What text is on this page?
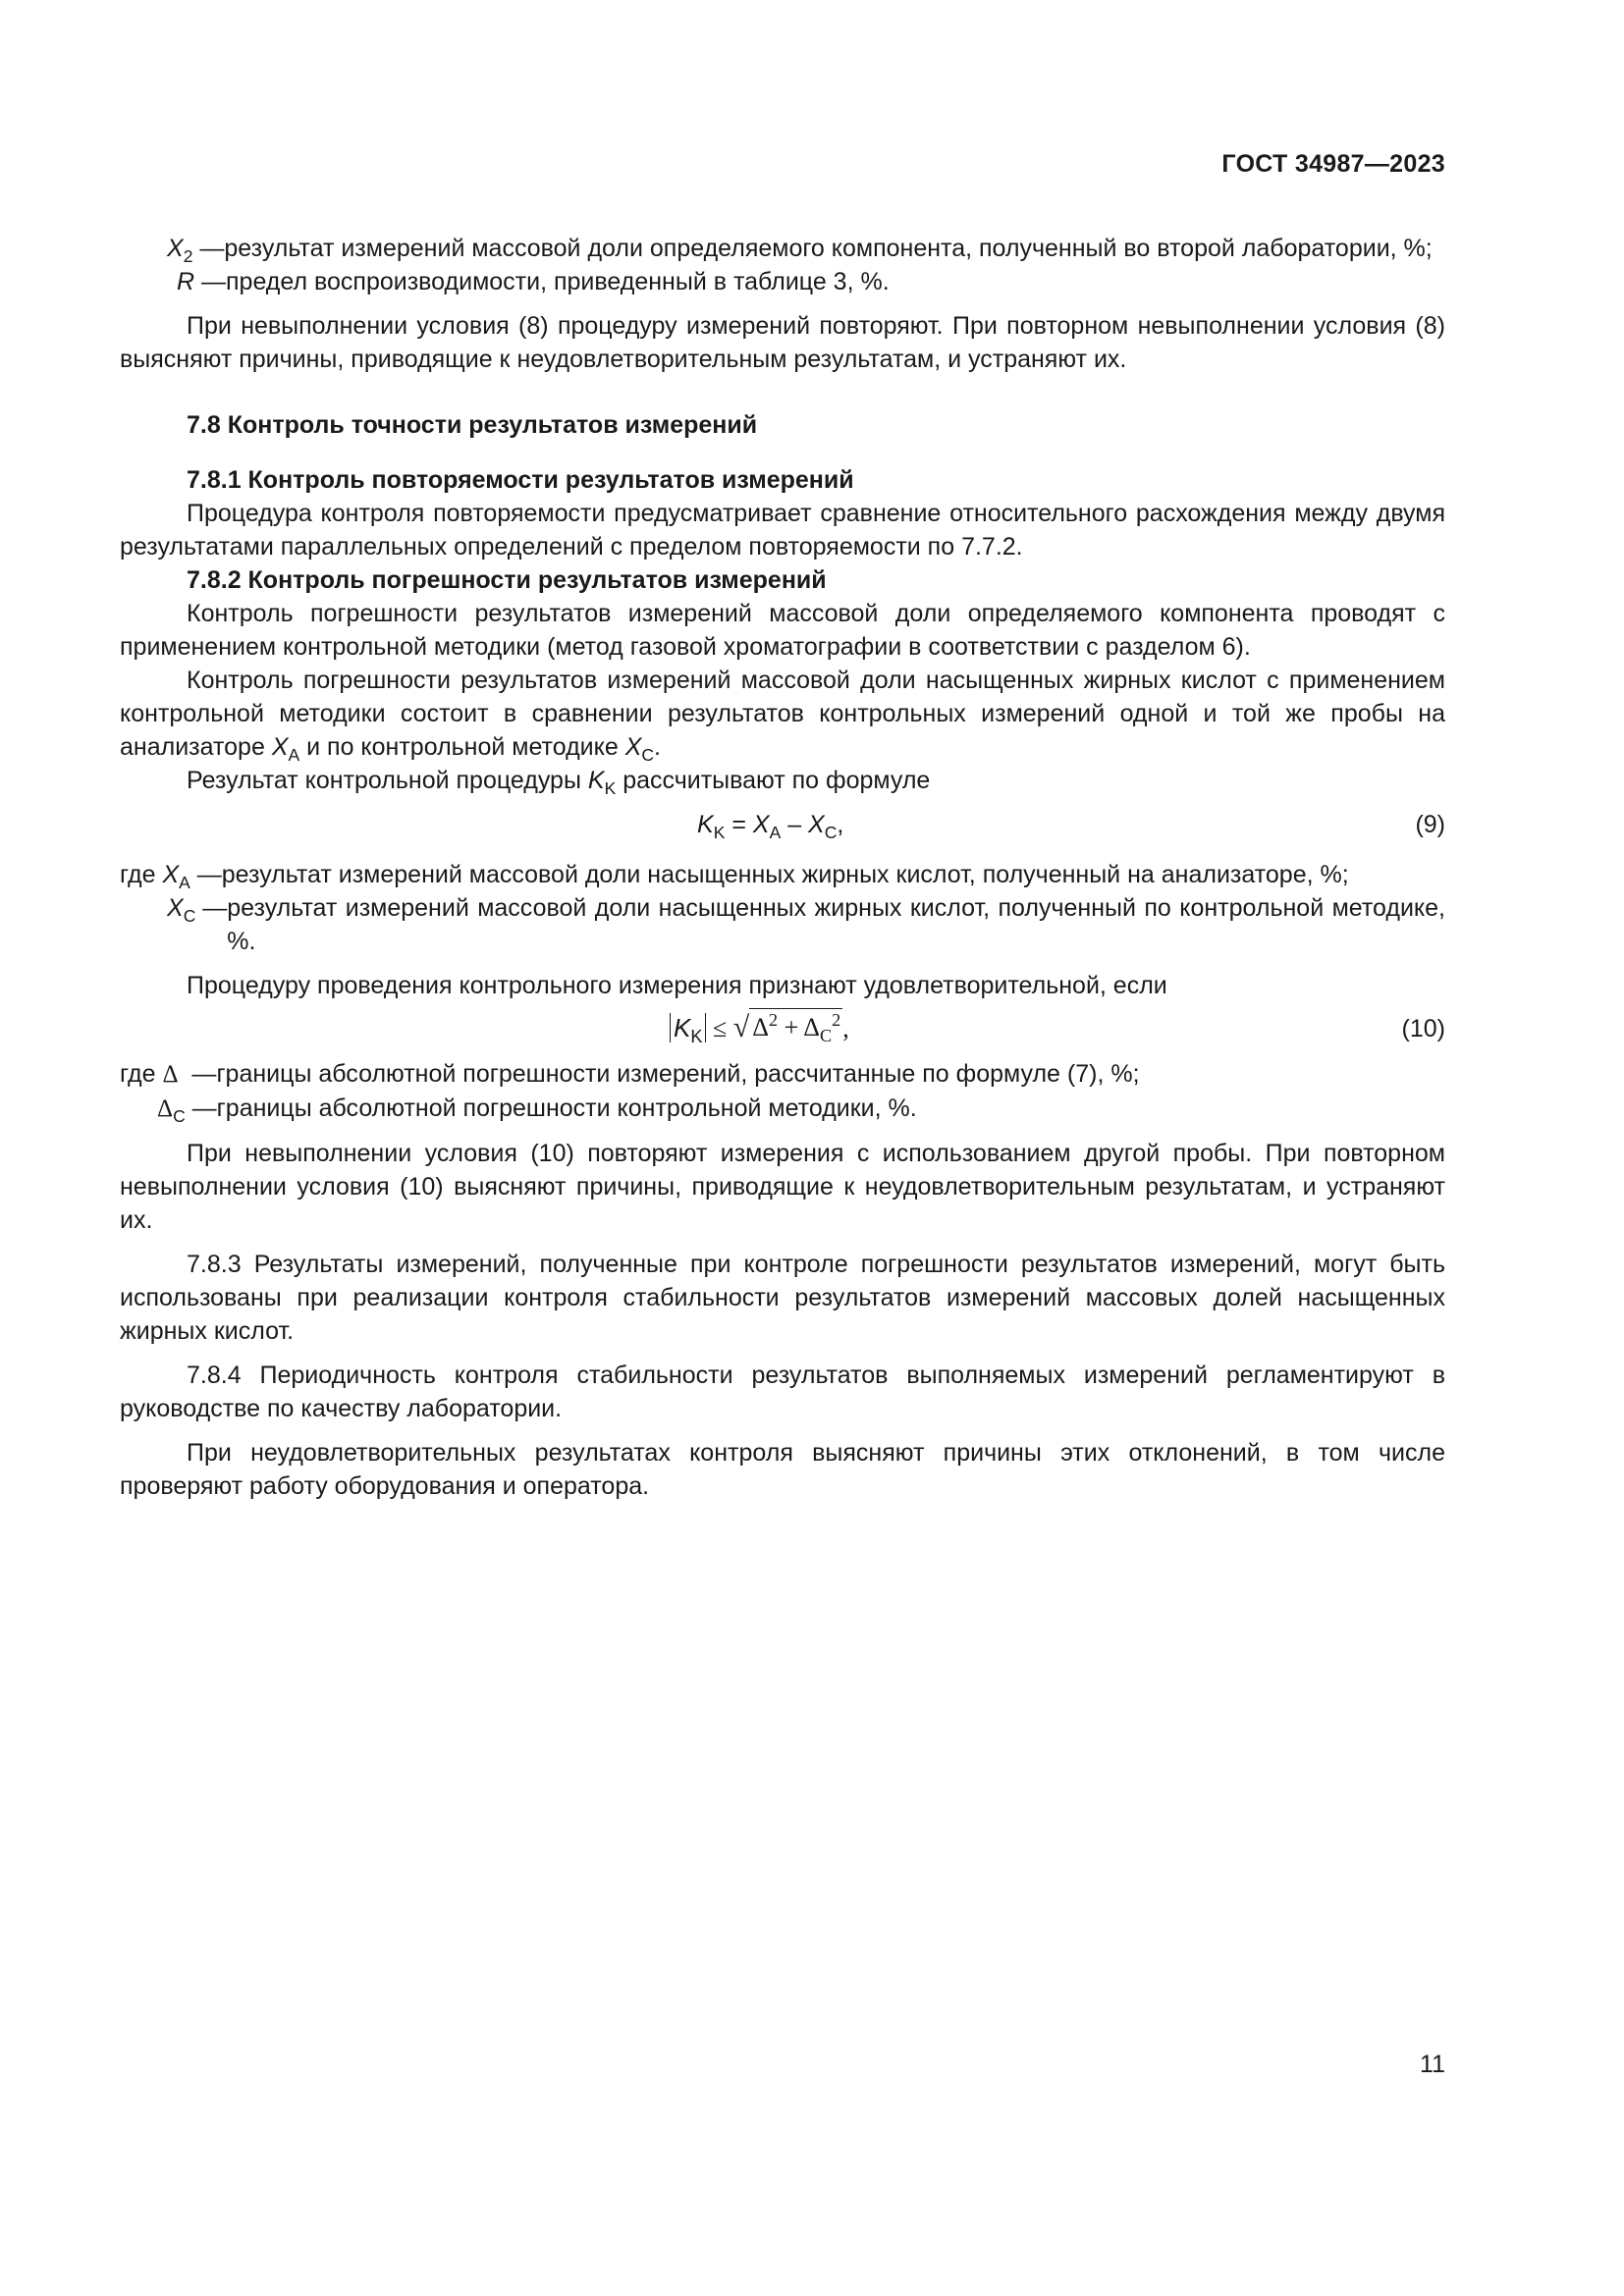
ГОСТ 34987—2023
$X_2$ — результат измерений массовой доли определяемого компонента, полученный во второй лаборатории, %;
R — предел воспроизводимости, приведенный в таблице 3, %.

При невыполнении условия (8) процедуру измерений повторяют. При повторном невыполнении условия (8) выясняют причины, приводящие к неудовлетворительным результатам, и устраняют их.

7.8 Контроль точности результатов измерений

7.8.1 Контроль повторяемости результатов измерений

Процедура контроля повторяемости предусматривает сравнение относительного расхождения между двумя результатами параллельных определений с пределом повторяемости по 7.7.2.

7.8.2 Контроль погрешности результатов измерений

Контроль погрешности результатов измерений массовой доли определяемого компонента проводят с применением контрольной методики (метод газовой хроматографии в соответствии с разделом 6).

Контроль погрешности результатов измерений массовой доли насыщенных жирных кислот с применением контрольной методики состоит в сравнении результатов контрольных измерений одной и той же пробы на анализаторе $X_A$ и по контрольной методике $X_C$.

Результат контрольной процедуры $K_K$ рассчитывают по формуле

$K_K = X_A - X_C$,	(9)
где $X_A$ — результат измерений массовой доли насыщенных жирных кислот, полученный на анализаторе, %;
$X_C$ — результат измерений массовой доли насыщенных жирных кислот, полученный по контрольной методике, %.

Процедуру проведения контрольного измерения признают удовлетворительной, если

$K_K$ ≤ √ $\Delta^2 + \Delta_C^2$ ,	(10)
где Δ  — границы абсолютной погрешности измерений, рассчитанные по формуле (7), %;
$\Delta_C$ — границы абсолютной погрешности контрольной методики, %.

При невыполнении условия (10) повторяют измерения с использованием другой пробы. При повторном невыполнении условия (10) выясняют причины, приводящие к неудовлетворительным результатам, и устраняют их.

7.8.3 Результаты измерений, полученные при контроле погрешности результатов измерений, могут быть использованы при реализации контроля стабильности результатов измерений массовых долей насыщенных жирных кислот.

7.8.4 Периодичность контроля стабильности результатов выполняемых измерений регламентируют в руководстве по качеству лаборатории.

При неудовлетворительных результатах контроля выясняют причины этих отклонений, в том числе проверяют работу оборудования и оператора.

11
